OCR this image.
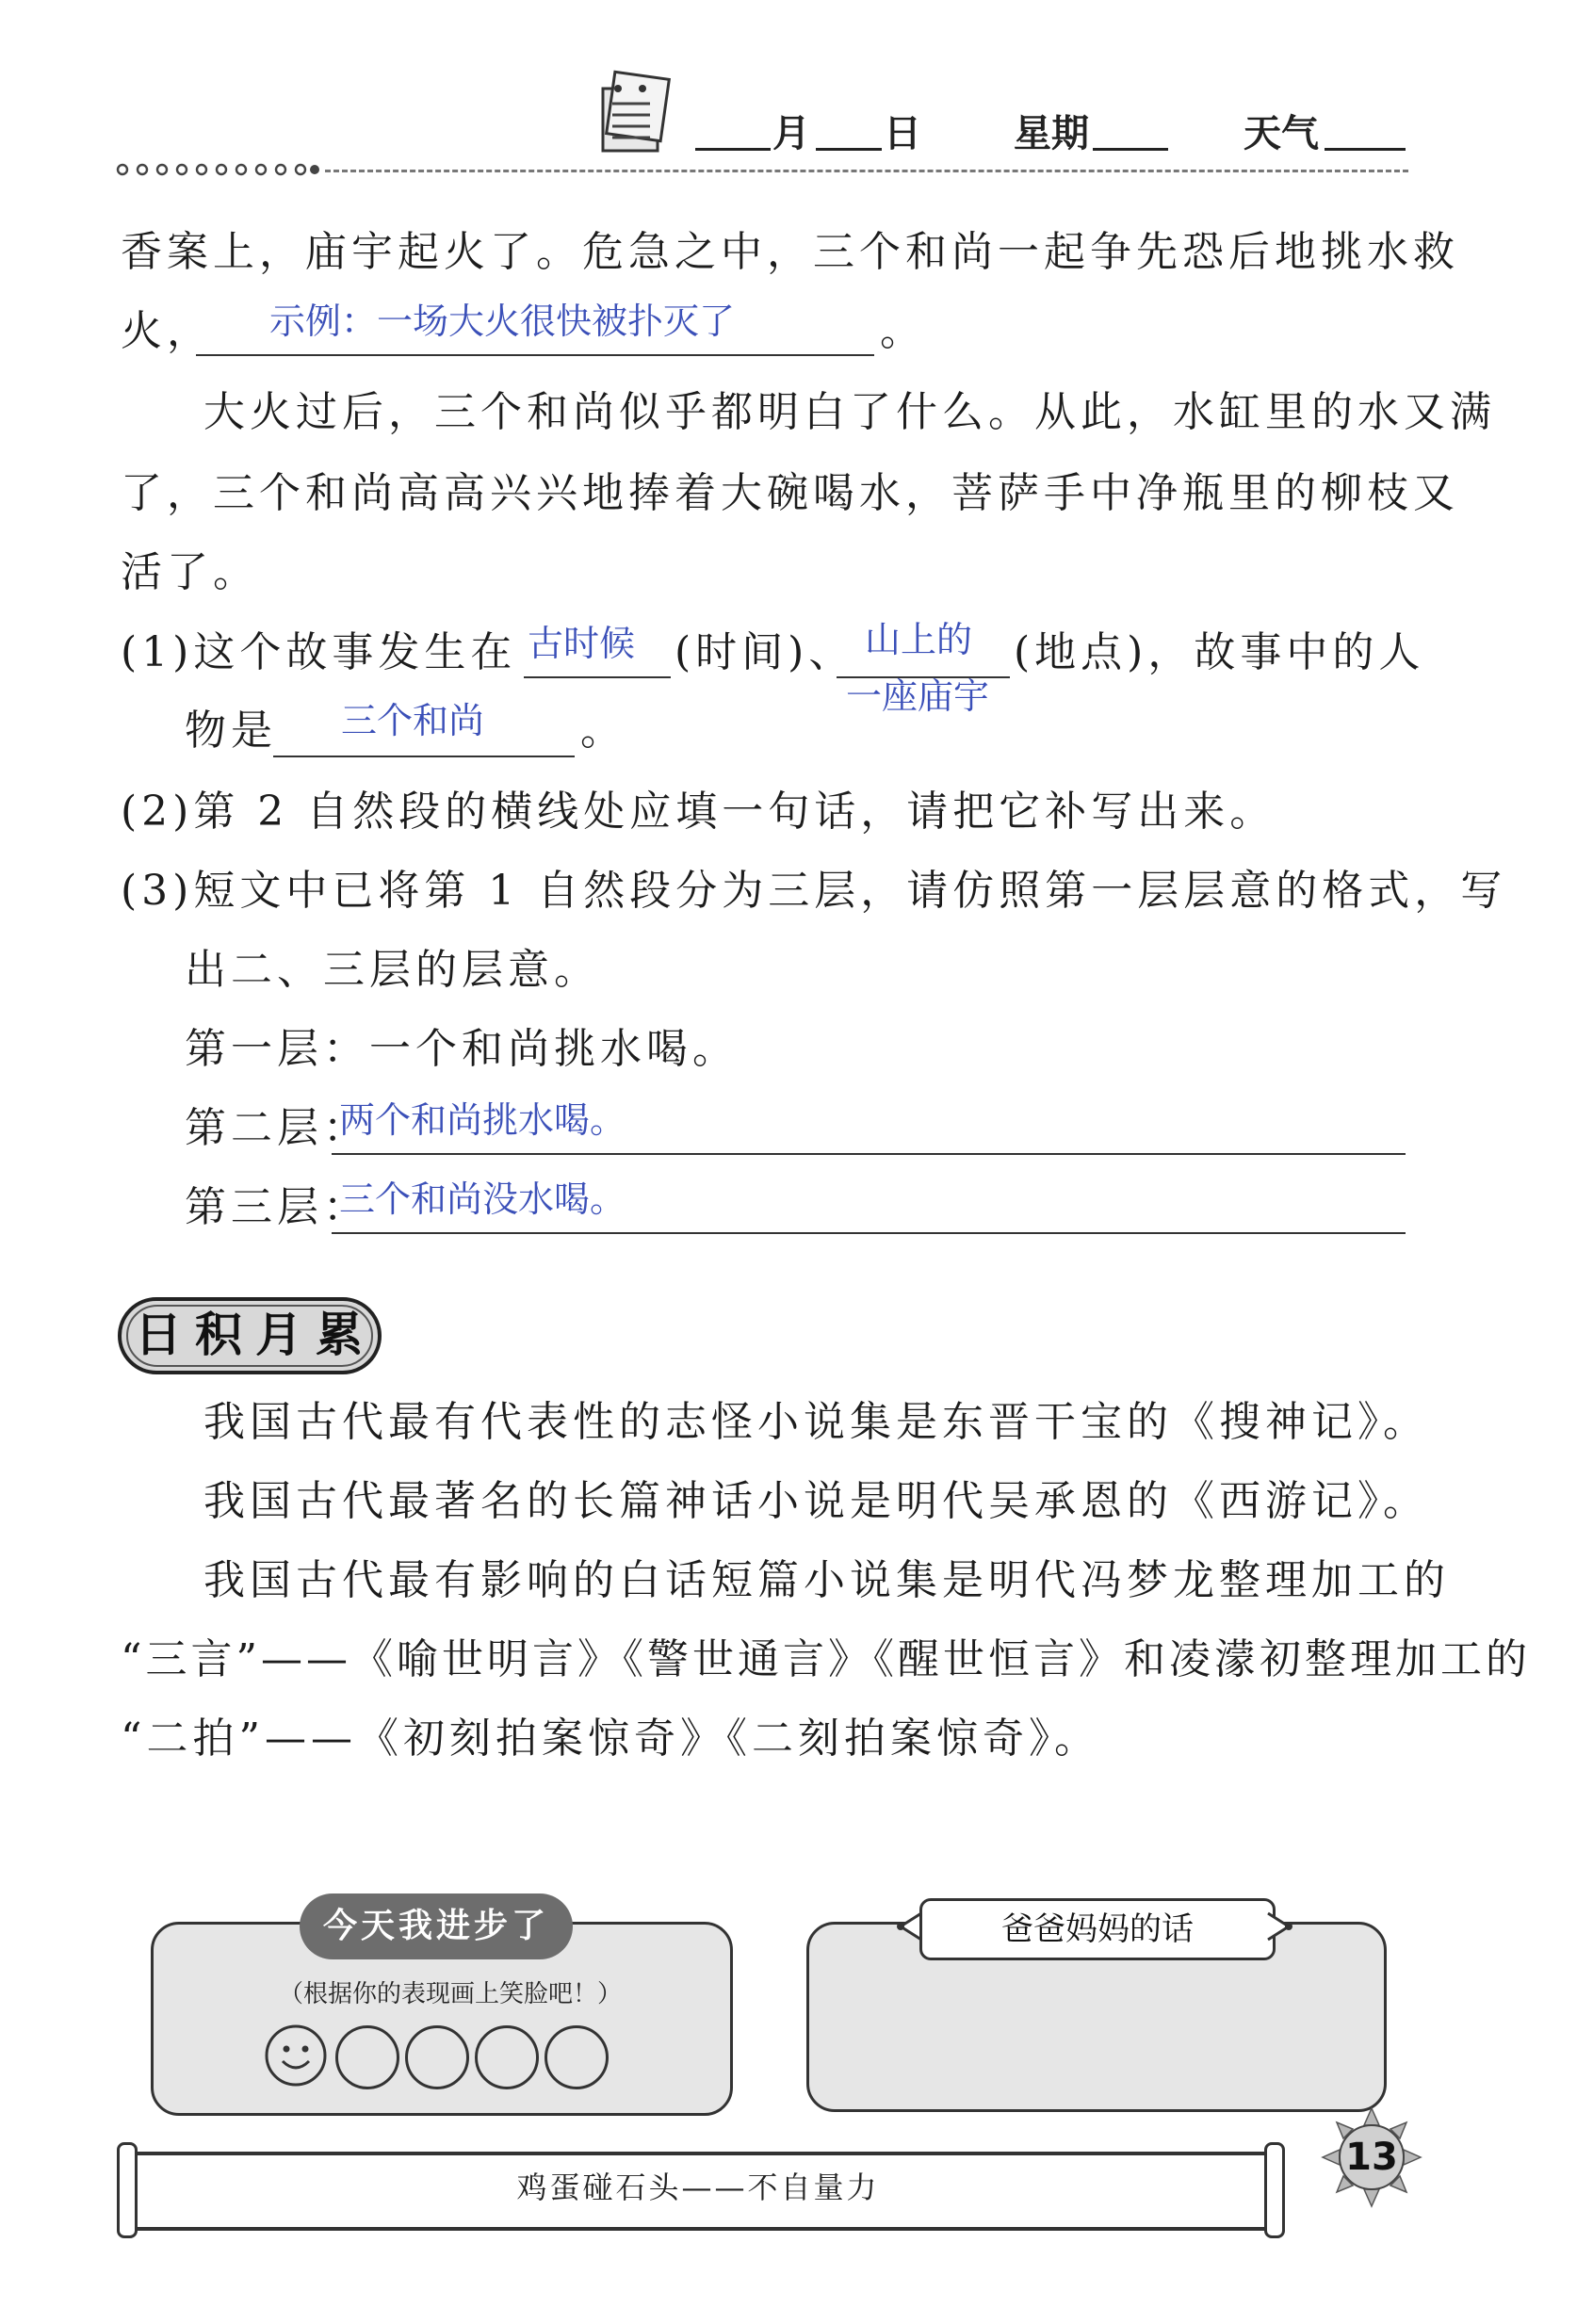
月 日 星期	天气
香案上，庙宇起火了。危急之中，三个和尚一起争先恐后地挑水救
火， 示例：一场大火很快被扑灭了	。
大火过后，三个和尚似乎都明白了什么。从此，水缸里的水又满
了，三个和尚高高兴兴地捧着大碗喝水，菩萨手中净瓶里的柳枝又
活了。
(1)这个故事发生在 古时候 (时间)、 山上的
一座庙宇
(地点)，故事中的人
物是 三个和尚 。
(2)第 2 自然段的横线处应填一句话，请把它补写出来。
(3)短文中已将第 1 自然段分为三层，请仿照第一层层意的格式，写
出二、三层的层意。
第一层：一个和尚挑水喝。
第二层：
两个和尚挑水喝。
第三层：
三个和尚没水喝。
日 积 月 累
我国古代最有代表性的志怪小说集是东晋干宝的《搜神记》。
我国古代最著名的长篇神话小说是明代吴承恩的《西游记》。
我国古代最有影响的白话短篇小说集是明代冯梦龙整理加工的
“三言”——《喻世明言》《警世通言》《醒世恒言》和凌濛初整理加工的
“二拍”——《初刻拍案惊奇》《二刻拍案惊奇》。
今天我进步了
（根据你的表现画上笑脸吧！）
爸爸妈妈的话
鸡蛋碰石头——不自量力
13
